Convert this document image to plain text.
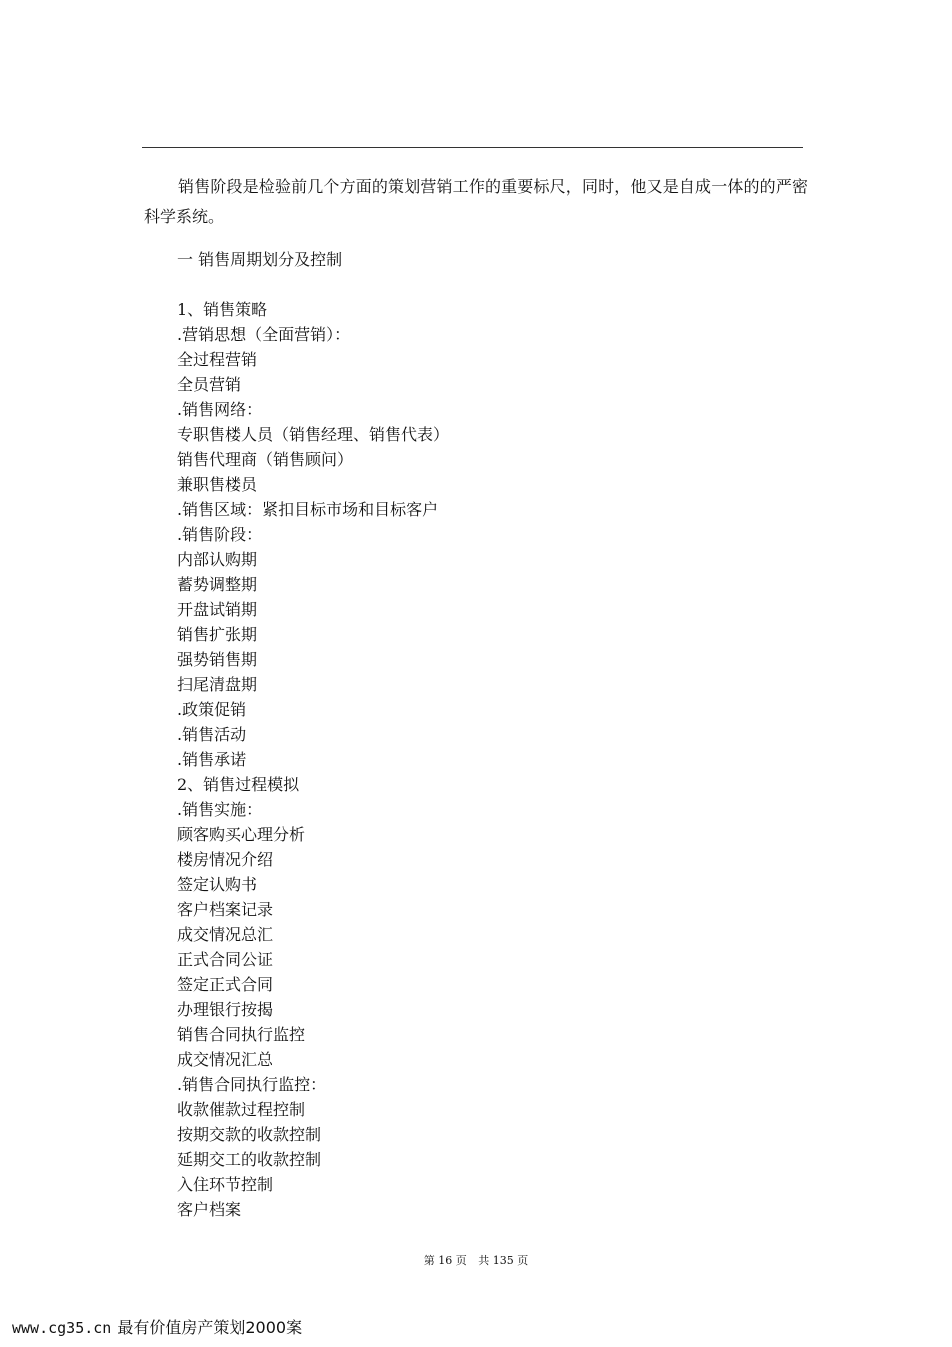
销售阶段是检验前几个方面的策划营销工作的重要标尺，同时，他又是自成一体的的严密科学系统。

一 销售周期划分及控制

1、销售策略
.营销思想（全面营销）：
全过程营销
全员营销
.销售网络：
专职售楼人员（销售经理、销售代表）
销售代理商（销售顾问）
兼职售楼员
.销售区域：紧扣目标市场和目标客户
.销售阶段：
内部认购期
蓄势调整期
开盘试销期
销售扩张期
强势销售期
扫尾清盘期
.政策促销
.销售活动
.销售承诺
2、销售过程模拟
.销售实施：
顾客购买心理分析
楼房情况介绍
签定认购书
客户档案记录
成交情况总汇
正式合同公证
签定正式合同
办理银行按揭
销售合同执行监控
成交情况汇总
.销售合同执行监控：
收款催款过程控制
按期交款的收款控制
延期交工的收款控制
入住环节控制
客户档案
第 16 页 共 135 页
www.cg35.cn 最有价值房产策划2000案
